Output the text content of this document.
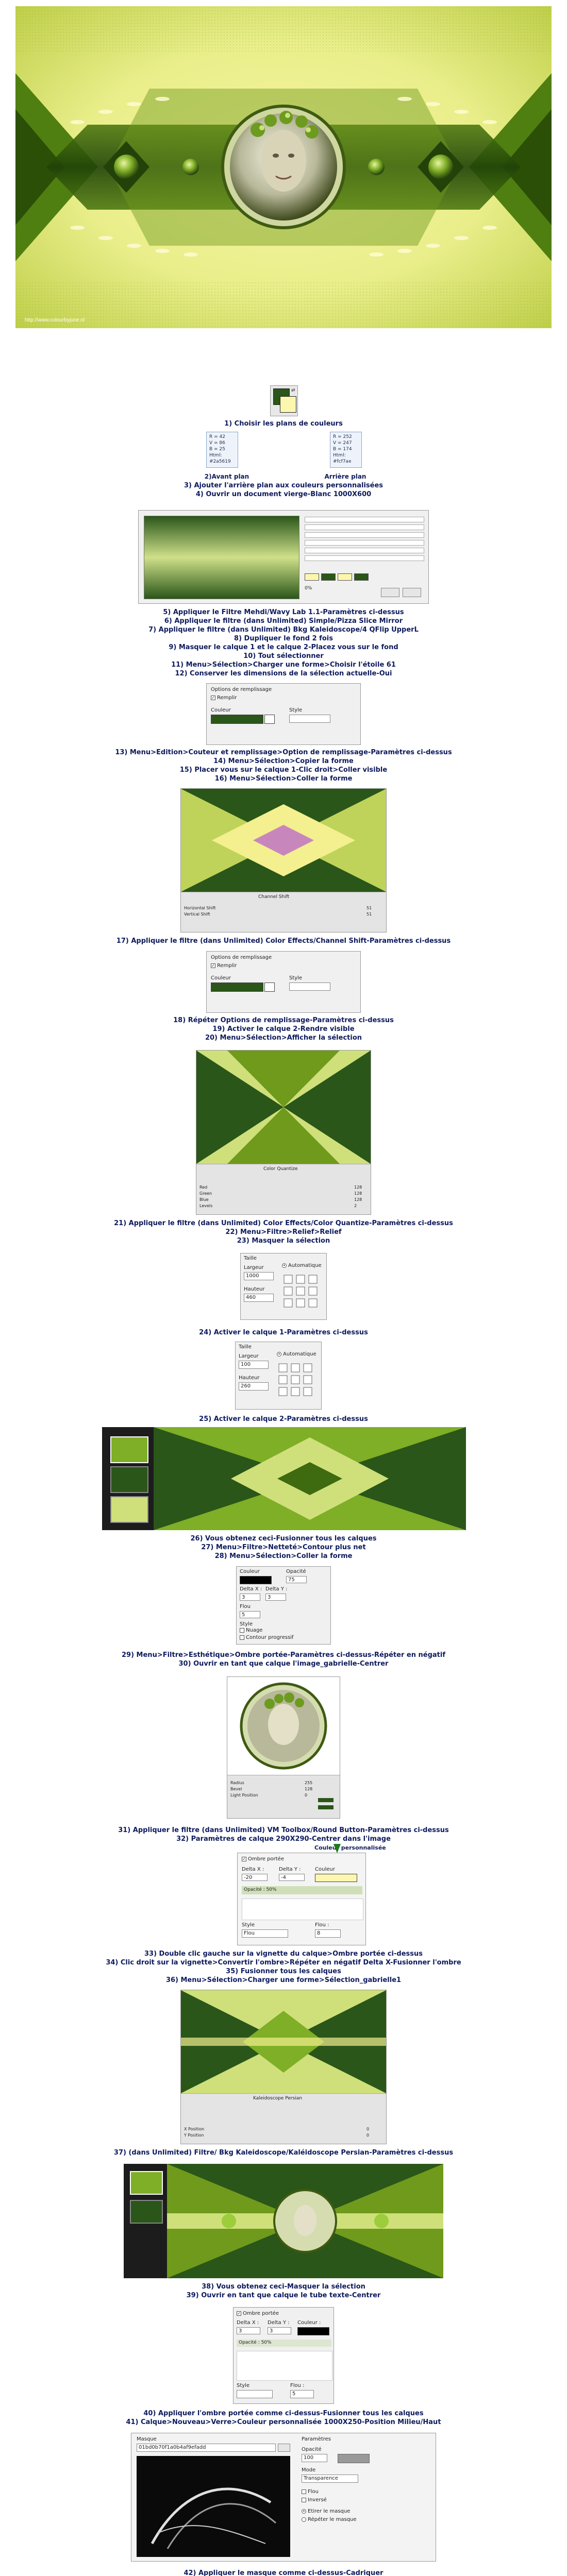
http://www.colourbyjune.nl
⇄
1) Choisir les plans de couleurs
R = 42
V = 86
B = 25
Html:
#2a5619
R = 252
V = 247
B = 174
Html:
#fcf7ae
2)Avant plan	Arrière plan
3) Ajouter l'arrière plan aux couleurs personnalisées
4) Ouvrir un document vierge-Blanc 1000X600
0%

5) Appliquer le Filtre Mehdi/Wavy Lab 1.1-Paramètres ci-dessus

6) Appliquer le filtre (dans Unlimited) Simple/Pizza Slice Mirror

7) Appliquer le filtre (dans Unlimited) Bkg Kaleidoscope/4 QFlip UpperL

8) Dupliquer le fond 2 fois

9) Masquer le calque 1 et le calque 2-Placez vous sur le fond

10) Tout sélectionner

11) Menu>Sélection>Charger une forme>Choisir l'étoile 61

12) Conserver les dimensions de la sélection actuelle-Oui

Options de remplissage
✓ Remplir
Couleur	Style

13) Menu>Edition>Couteur et remplissage>Option de remplissage-Paramètres ci-dessus

14) Menu>Sélection>Copier la forme

15) Placer vous sur le calque 1-Clic droit>Coller visible

16) Menu>Sélection>Coller la forme

Channel Shift
Horizontal Shift	51
Vertical Shift	51
17) Appliquer le filtre (dans Unlimited) Color Effects/Channel Shift-Paramètres ci-dessus
Options de remplissage
✓ Remplir
Couleur	Style

18) Répéter Options de remplissage-Paramètres ci-dessus

19) Activer le calque 2-Rendre visible

20) Menu>Sélection>Afficher la sélection

Color Quantize
Red	128
Green	128
Blue	128
Levels	2

21) Appliquer le filtre (dans Unlimited) Color Effects/Color Quantize-Paramètres ci-dessus

22) Menu>Filtre>Relief>Relief

23) Masquer la sélection

Taille
Largeur
1000
Hauteur
460
• Automatique
24) Activer le calque 1-Paramètres ci-dessus
Taille
Largeur
100
Hauteur
260
• Automatique
25) Activer le calque 2-Paramètres ci-dessus

26) Vous obtenez ceci-Fusionner tous les calques

27) Menu>Filtre>Netteté>Contour plus net

28) Menu>Sélection>Coller la forme

Couleur	Opacité
75
Delta X :
3
Delta Y :
3
Flou
5
Style
Nuage
Contour progressif

29) Menu>Filtre>Esthétique>Ombre portée-Paramètres ci-dessus-Répéter en négatif

30) Ouvrir en tant que calque l'image_gabrielle-Centrer

Radius	255
Bevel	128
Light Position	0

31) Appliquer le filtre (dans Unlimited) VM Toolbox/Round Button-Paramètres ci-dessus

32) Paramètres de calque 290X290-Centrer dans l'image

Couleur personnalisée
✓ Ombre portée
Delta X :
-20
Delta Y :
-4
Couleur
Opacité : 50%
Style
Flou
Flou :
8

33) Double clic gauche sur la vignette du calque>Ombre portée ci-dessus

34) Clic droit sur la vignette>Convertir l'ombre>Répéter en négatif Delta X-Fusionner l'ombre

35) Fusionner tous les calques

36) Menu>Sélection>Charger une forme>Sélection_gabrielle1

Kaleidoscope Persian
X Position	0
Y Position	0
37) (dans Unlimited) Filtre/ Bkg Kaleidoscope/Kaléidoscope Persian-Paramètres ci-dessus

38) Vous obtenez ceci-Masquer la sélection

39) Ouvrir en tant que calque le tube texte-Centrer

✓ Ombre portée
Delta X :
3
Delta Y :
3
Couleur :
Opacité : 50%
Style	Flou :
5

40) Appliquer l'ombre portée comme ci-dessus-Fusionner tous les calques

41) Calque>Nouveau>Verre>Couleur personnalisée 1000X250-Position Milieu/Haut

Masque
01bd0b70f1a0b4af9efadd
Paramètres
Opacité
100
Mode
Transparence
Flou
Inversé
• Etirer le masque
Répéter le masque

42) Appliquer le masque comme ci-dessus-Cadriquer
